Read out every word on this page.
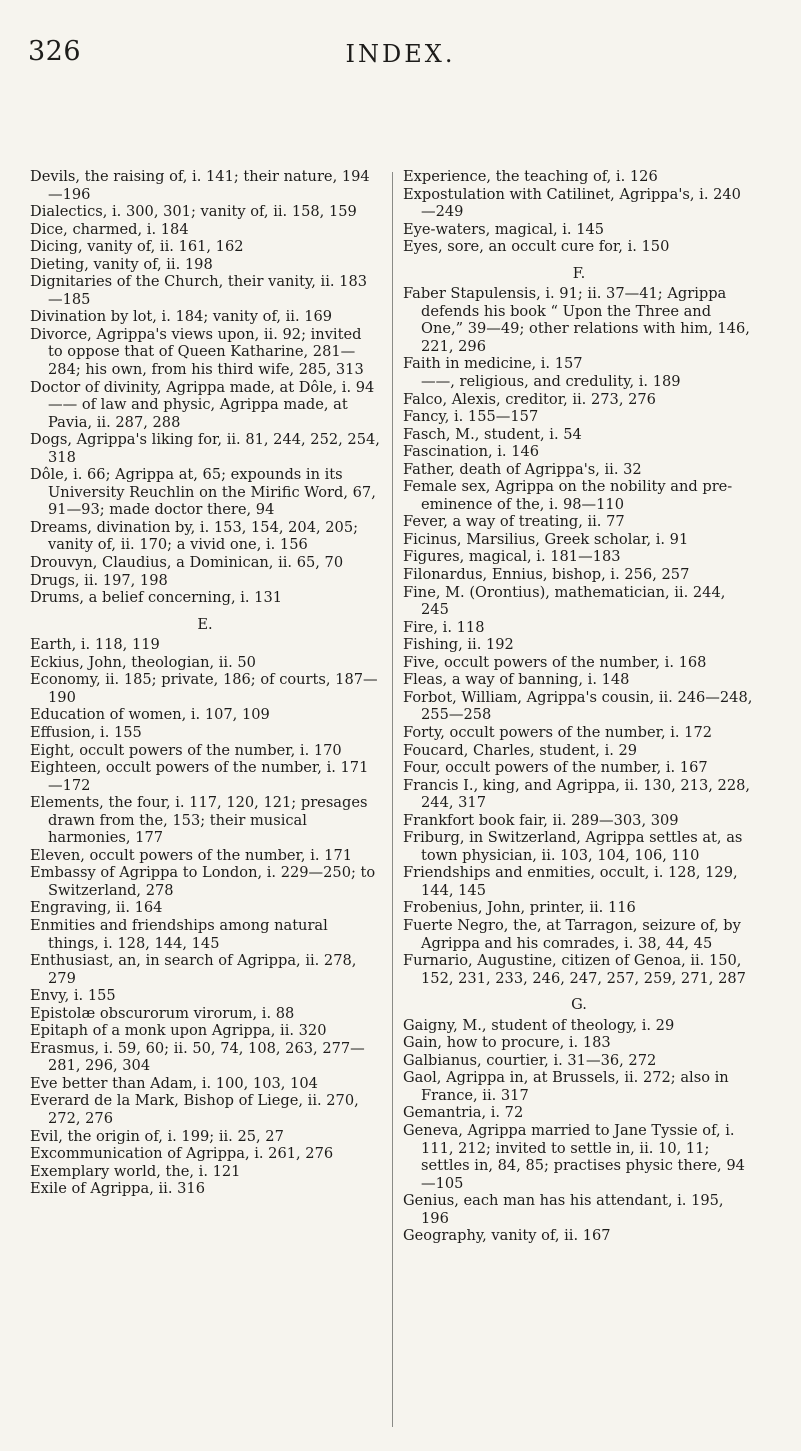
326	INDEX.

Devils, the raising of, i. 141; their nature, 194—196

Dialectics, i. 300, 301; vanity of, ii. 158, 159

Dice, charmed, i. 184

Dicing, vanity of, ii. 161, 162

Dieting, vanity of, ii. 198

Dignitaries of the Church, their vanity, ii. 183—185

Divination by lot, i. 184; vanity of, ii. 169

Divorce, Agrippa's views upon, ii. 92; invited to oppose that of Queen Katharine, 281—284; his own, from his third wife, 285, 313

Doctor of divinity, Agrippa made, at Dôle, i. 94

—— of law and physic, Agrippa made, at Pavia, ii. 287, 288

Dogs, Agrippa's liking for, ii. 81, 244, 252, 254, 318

Dôle, i. 66; Agrippa at, 65; expounds in its University Reuchlin on the Mirific Word, 67, 91—93; made doctor there, 94

Dreams, divination by, i. 153, 154, 204, 205; vanity of, ii. 170; a vivid one, i. 156

Drouvyn, Claudius, a Dominican, ii. 65, 70

Drugs, ii. 197, 198

Drums, a belief concerning, i. 131

E.

Earth, i. 118, 119

Eckius, John, theologian, ii. 50

Economy, ii. 185; private, 186; of courts, 187—190

Education of women, i. 107, 109

Effusion, i. 155

Eight, occult powers of the number, i. 170

Eighteen, occult powers of the number, i. 171—172

Elements, the four, i. 117, 120, 121; presages drawn from the, 153; their musical harmonies, 177

Eleven, occult powers of the number, i. 171

Embassy of Agrippa to London, i. 229—250; to Switzerland, 278

Engraving, ii. 164

Enmities and friendships among natural things, i. 128, 144, 145

Enthusiast, an, in search of Agrippa, ii. 278, 279

Envy, i. 155

Epistolæ obscurorum virorum, i. 88

Epitaph of a monk upon Agrippa, ii. 320

Erasmus, i. 59, 60; ii. 50, 74, 108, 263, 277—281, 296, 304

Eve better than Adam, i. 100, 103, 104

Everard de la Mark, Bishop of Liege, ii. 270, 272, 276

Evil, the origin of, i. 199; ii. 25, 27

Excommunication of Agrippa, i. 261, 276

Exemplary world, the, i. 121

Exile of Agrippa, ii. 316

Experience, the teaching of, i. 126

Expostulation with Catilinet, Agrippa's, i. 240—249

Eye-waters, magical, i. 145

Eyes, sore, an occult cure for, i. 150

F.

Faber Stapulensis, i. 91; ii. 37—41; Agrippa defends his book “ Upon the Three and One,” 39—49; other relations with him, 146, 221, 296

Faith in medicine, i. 157

——, religious, and credulity, i. 189

Falco, Alexis, creditor, ii. 273, 276

Fancy, i. 155—157

Fasch, M., student, i. 54

Fascination, i. 146

Father, death of Agrippa's, ii. 32

Female sex, Agrippa on the nobility and pre-eminence of the, i. 98—110

Fever, a way of treating, ii. 77

Ficinus, Marsilius, Greek scholar, i. 91

Figures, magical, i. 181—183

Filonardus, Ennius, bishop, i. 256, 257

Fine, M. (Orontius), mathematician, ii. 244, 245

Fire, i. 118

Fishing, ii. 192

Five, occult powers of the number, i. 168

Fleas, a way of banning, i. 148

Forbot, William, Agrippa's cousin, ii. 246—248, 255—258

Forty, occult powers of the number, i. 172

Foucard, Charles, student, i. 29

Four, occult powers of the number, i. 167

Francis I., king, and Agrippa, ii. 130, 213, 228, 244, 317

Frankfort book fair, ii. 289—303, 309

Friburg, in Switzerland, Agrippa settles at, as town physician, ii. 103, 104, 106, 110

Friendships and enmities, occult, i. 128, 129, 144, 145

Frobenius, John, printer, ii. 116

Fuerte Negro, the, at Tarragon, seizure of, by Agrippa and his comrades, i. 38, 44, 45

Furnario, Augustine, citizen of Genoa, ii. 150, 152, 231, 233, 246, 247, 257, 259, 271, 287

G.

Gaigny, M., student of theology, i. 29

Gain, how to procure, i. 183

Galbianus, courtier, i. 31—36, 272

Gaol, Agrippa in, at Brussels, ii. 272; also in France, ii. 317

Gemantria, i. 72

Geneva, Agrippa married to Jane Tyssie of, i. 111, 212; invited to settle in, ii. 10, 11; settles in, 84, 85; practises physic there, 94—105

Genius, each man has his attendant, i. 195, 196

Geography, vanity of, ii. 167
